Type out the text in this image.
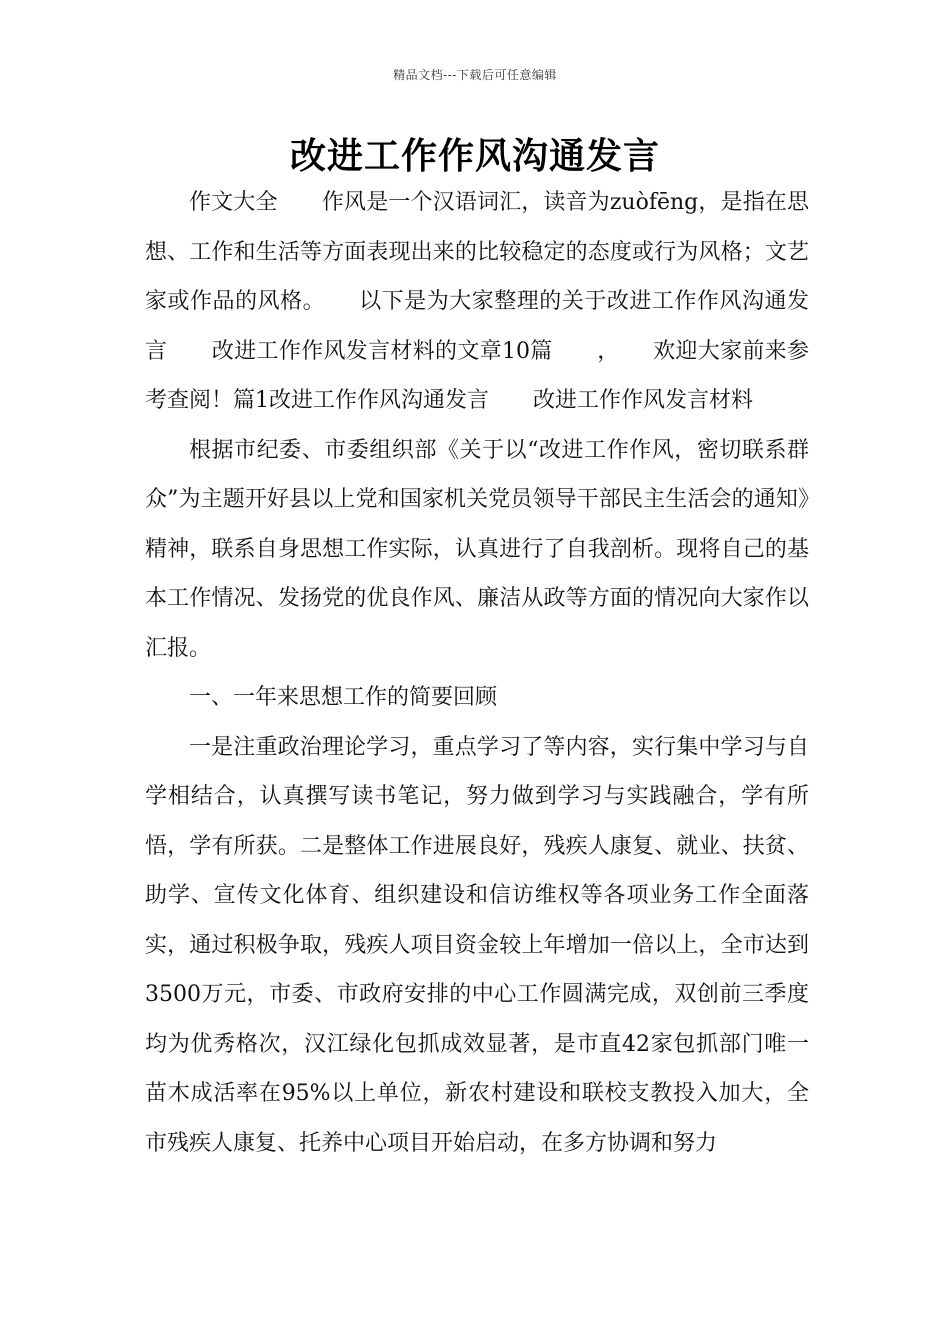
精品文档---下载后可任意编辑
改进工作作风沟通发言

作文大全　　作风是一个汉语词汇，读音为zuòfēng，是指在思想、工作和生活等方面表现出来的比较稳定的态度或行为风格；文艺家或作品的风格。　　以下是为大家整理的关于改进工作作风沟通发言　　改进工作作风发言材料的文章10篇　　，　　欢迎大家前来参考查阅！篇1改进工作作风沟通发言　　改进工作作风发言材料

根据市纪委、市委组织部《关于以“改进工作作风，密切联系群众”为主题开好县以上党和国家机关党员领导干部民主生活会的通知》精神，联系自身思想工作实际，认真进行了自我剖析。现将自己的基本工作情况、发扬党的优良作风、廉洁从政等方面的情况向大家作以汇报。

一、一年来思想工作的简要回顾

一是注重政治理论学习，重点学习了等内容，实行集中学习与自学相结合，认真撰写读书笔记，努力做到学习与实践融合，学有所悟，学有所获。二是整体工作进展良好，残疾人康复、就业、扶贫、助学、宣传文化体育、组织建设和信访维权等各项业务工作全面落实，通过积极争取，残疾人项目资金较上年增加一倍以上，全市达到3500万元，市委、市政府安排的中心工作圆满完成，双创前三季度均为优秀格次，汉江绿化包抓成效显著，是市直42家包抓部门唯一苗木成活率在95%以上单位，新农村建设和联校支教投入加大，全市残疾人康复、托养中心项目开始启动，在多方协调和努力
